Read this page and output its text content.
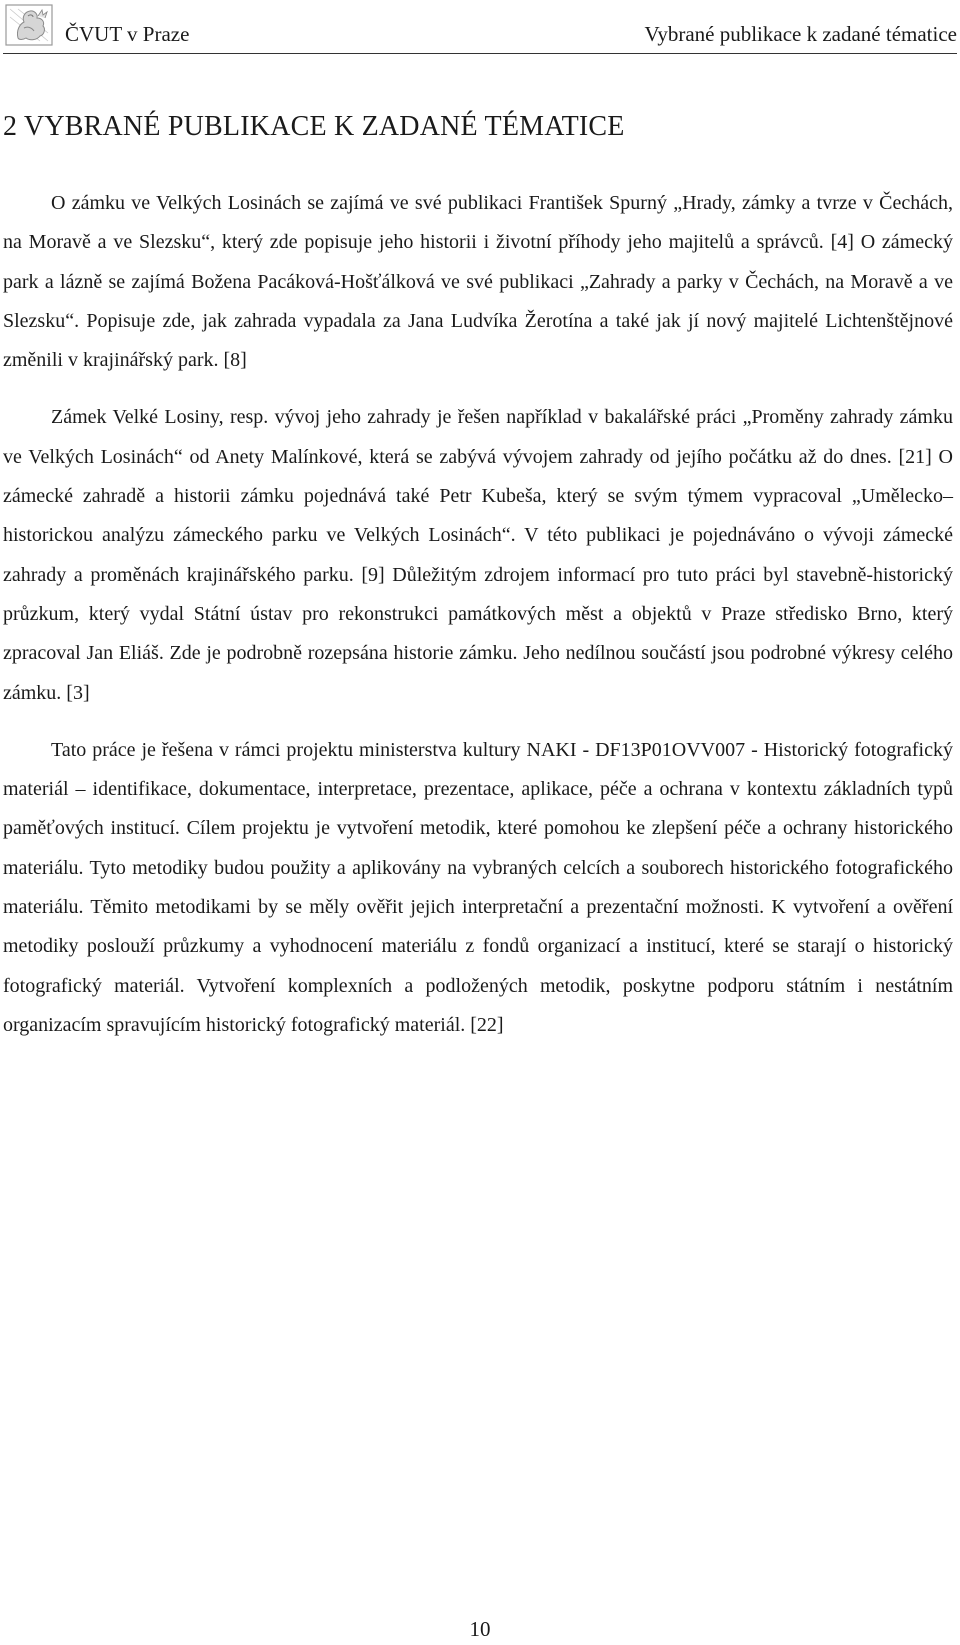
ČVUT v Praze	Vybrané publikace k zadané tématice
2 VYBRANÉ PUBLIKACE K ZADANÉ TÉMATICE

O zámku ve Velkých Losinách se zajímá ve své publikaci František Spurný „Hrady, zámky a tvrze v Čechách, na Moravě a ve Slezsku“, který zde popisuje jeho historii i životní příhody jeho majitelů a správců. [4] O zámecký park a lázně se zajímá Božena Pacáková-Hošťálková ve své publikaci „Zahrady a parky v Čechách, na Moravě a ve Slezsku“. Popisuje zde, jak zahrada vypadala za Jana Ludvíka Žerotína a také jak jí nový majitelé Lichtenštějnové změnili v krajinářský park. [8]

Zámek Velké Losiny, resp. vývoj jeho zahrady je řešen například v bakalářské práci „Proměny zahrady zámku ve Velkých Losinách“ od Anety Malínkové, která se zabývá vývojem zahrady od jejího počátku až do dnes. [21] O zámecké zahradě a historii zámku pojednává také Petr Kubeša, který se svým týmem vypracoval „Umělecko–historickou analýzu zámeckého parku ve Velkých Losinách“. V této publikaci je pojednáváno o vývoji zámecké zahrady a proměnách krajinářského parku. [9] Důležitým zdrojem informací pro tuto práci byl stavebně-historický průzkum, který vydal Státní ústav pro rekonstrukci památkových měst a objektů v Praze středisko Brno, který zpracoval Jan Eliáš. Zde je podrobně rozepsána historie zámku. Jeho nedílnou součástí jsou podrobné výkresy celého zámku. [3]

Tato práce je řešena v rámci projektu ministerstva kultury NAKI - DF13P01OVV007 - Historický fotografický materiál – identifikace, dokumentace, interpretace, prezentace, aplikace, péče a ochrana v kontextu základních typů paměťových institucí. Cílem projektu je vytvoření metodik, které pomohou ke zlepšení péče a ochrany historického materiálu. Tyto metodiky budou použity a aplikovány na vybraných celcích a souborech historického fotografického materiálu. Těmito metodikami by se měly ověřit jejich interpretační a prezentační možnosti. K vytvoření a ověření metodiky poslouží průzkumy a vyhodnocení materiálu z fondů organizací a institucí, které se starají o historický fotografický materiál. Vytvoření komplexních a podložených metodik, poskytne podporu státním i nestátním organizacím spravujícím historický fotografický materiál. [22]

10
